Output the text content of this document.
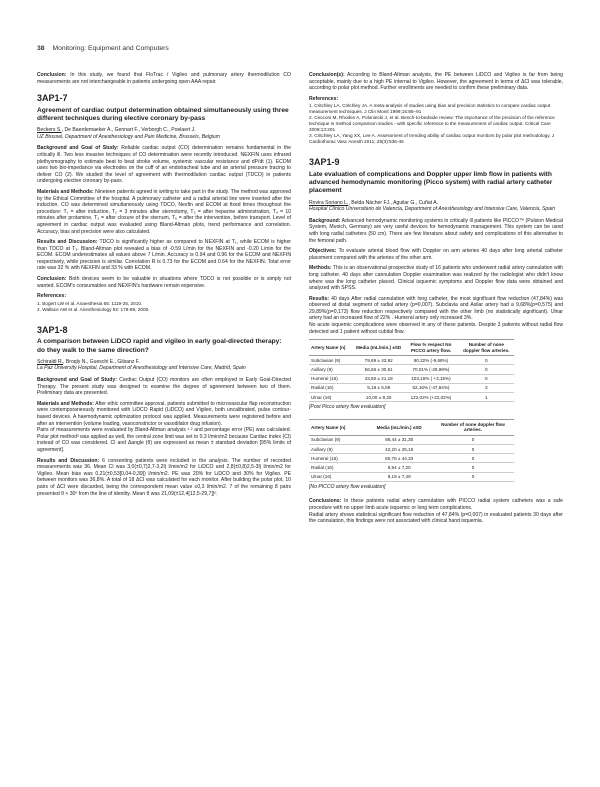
38 Monitoring: Equipment and Computers

Conclusion: In this study, we found that FloTrac / Vigileo and pulmonary artery thermodilution CO measurements are not interchangeable in patients undergoing open AAA repair.

3AP1-7
Agreement of cardiac output determination obtained simultaneously using three different techniques during elective coronary by-pass

Beckers S., De Baerdemaeker A., Gennart F., Verborgh C., Poelaert J.

UZ Brussel, Department of Anesthesiology and Pain Medicine, Brussels, Belgium

Background and Goal of Study: Reliable cardiac output (CO) determination remains fundamental in the critically ill. Two less invasive techniques of CO determination were recently introduced. NEXFIN uses infrared plethysmography to estimate beat to beat stroke volume, systemic vascular resistance and dP/dt (1). ECOM uses two bio-impedance via electrodes on the cuff of an endotracheal tube and an arterial pressure tracing to deliver CO (2). We studied the level of agreement with thermodilution cardiac output (TDCO) in patients undergoing elective coronary by-pass.

Materials and Methods: Nineteen patients agreed in writing to take part in the study. The method was approved by the Ethical Committee of the hospital. A pulmonary catheter and a radial arterial line were inserted after the induction. CO was determined simultaneously using TDCO, Nexfin and ECOM at fixed times throughout the procedure: T₁ = after induction, T₂ = 3 minutes after sternotomy, T₃ = after heparine administration, T₄ = 10 minutes after protamine, T₅ = after closure of the sternum, T₆ = after the intervention, before transport. Level of agreement in cardiac output was evaluated using Bland-Altman plots, trend performance and correlation. Accuracy, bias and precision were also calculated.

Results and Discussion: TDCO is significantly higher as compared to NEXFIN at T₁, while ECOM is higher than TDCO at T₃. Bland-Altman plot revealed a bias of -0.59 L/min for the NEXFIN and -0.20 L/min for the ECOM. ECOM underestimates all values above 7 L/min. Accuracy is 0.94 and 0.96 for the ECOM and NEXFIN respectively, while precision is similar. Correlation R is 0.73 for the ECOM and 0.64 for the NEXFIN. Total error rate was 32 % with NEXFIN and 33 % with ECOM.

Conclusion: Both devices seem to be valuable in situations where TDCO is not possible or is simply not wanted. ECOM's consumables and NEXFIN's hardware remain expensive.

References:

1. Bogert LW et al. Anaesthesia 65: 1119-25, 2010.

2. Wallace AW et al. Anesthesiology 92: 178-89, 2000.

3AP1-8
A comparison between LiDCO rapid and vigileo in early goal-directed therapy: do they walk to the same direction?

Schiraldi R., Broqly N., Gueschi E., Gilsanz F.

La Paz University Hospital, Department of Anesthesiology and Intensive Care, Madrid, Spain

Background and Goal of Study: Cardiac Output (CO) monitors are often employed in Early Goal-Directed Therapy. The present study was designed to examine the degree of agreement between two of them. Preliminary data are presented.

Materials and Methods: After ethic committee approval, patients submitted to microvascular flap reconstruction were contemporaneously monitored with LiDCO Rapid (LiDCO) and Vigileo, both uncalibrated, pulse contour-based devices. A haemodynamic optimization protocol was applied. Measurements were registered before and after an intervention (volume loading, vasoconstrictor or vasodilator drug infusion).

Pairs of measurements were evaluated by Bland-Altman analysis ¹ ² and percentage error (PE) was calculated. Polar plot method³ was applied as well, the central zone limit was set to 0.3 l/min/m2 because Cardiac Index (CI) instead of CO was considered. CI and Δangle (θ) are expressed as mean ± standard deviation [95% limits of agreement].

Results and Discussion: 6 consenting patients were included in the analysis. The number of recorded measurements was 36. Mean CI was 3,0(±0,7)2,7-3,2l) l/min/m2 for LiDCO and 2,8(±0,8)2,5-3l) l/min/m2 for Vigileo. Mean bias was 0,21(±0,53[0,04-0,39]) l/min/m2. PE was 20% for LiDCO and 30% for Vigileo. PE between monitors was 36,8%. A total of 18 ΔCI was calculated for each monitor. After building the polar plot, 10 pairs of ΔCI were discarded, being the correspondent mean value ≤0,3 l/min/m2. 7 of the remaining 8 pairs presented θ < 30º from the line of identity. Mean θ was 21,09(±12,4[12,5-29,7])º.

Conclusion(s): According to Bland-Altman analysis, the PE between LiDCO and Vigileo is far from being acceptable, mainly due to a high PE internal to Vigileo. However, the agreement in terms of ΔCI was tolerable, according to polar plot method. Further enrollments are needed to confirm these preliminary data.

References:

1. Critchley LA, Critchley JA. A meta-analysis of studies using bias and precision statistics to compare cardiac output measurement techniques. J Clin Monit 1999;15:85–91

2. Cecconi M, Rhodes A, Poloniecki J, et al. Bench-to-bedside review: The importance of the precision of the reference technique in method comparison studies - with specific reference to the measurement of cardiac output. Critical Care 2009;13:201

3. Critchley LA, Yang XX, Lee A. Assessment of trending ability of cardiac output monitors by polar plot methodology. J Cardiothorac Vasc Anesth 2011; 25(3):536-46

3AP1-9
Late evaluation of complications and Doppler upper limb flow in patients with advanced hemodynamic monitoring (Picco system) with radial artery catheter placement

Rovira Soriano L., Belda Nácher FJ., Aguilar G., Cuñat A.

Hospital Clínico Universitario de Valencia, Department of Anesthesiology and Intensive Care, Valencia, Spain

Background: Advanced hemodynamic monitoring systems in critically ill patients like PICCO™ (Pulsion Medical System, Munich, Germany) are very useful devices for hemodynamic management. This system can be used with long radial catheters (50 cm). There are few literature about safety and complications of this alternative to the femoral path.

Objectives: To evaluate arterial blood flow with Doppler on arm arteries 40 days after long arterial catheter placement compared with the arteries of the other arm.

Methods: This is an observational prospective study of 16 patients who underwent radial artery cannulation with long catheter. 40 days after cannulation Doppler examination was realized by the radiologist who didn't know where was the long catheter placed. Clinical isquemic symptoms and Doppler flow data were obtained and analyzed with SPSS.

Results: 40 days After radial cannulation with long catheter, the most significant flow reduction (47,84%) was observed at distal segment of radial artery (p=0,007). Subclavia and Axilar artery had a 9,68%(p=0,575) and 29,89%(p=0,173) flow reduction respectively compared with the other limb (no statistically significant). Ulnar artery had an increased flow of 22% . Humeral artery only increased 3%.

No acute isquemic complications were observed in any of these patients. Despite 3 patients without radial flow detected and 1 patient without cubital flow.

Artery Name (n)	Media (mL/min.) ±SD	Flow % respect No PICCO artery flow.	Number of none doppler flow arteries.
Subclavian (9)	79,69 ± 43,92	90,32% (-9,68%)	0
Axillary (9)	56,56 ± 30,61	70,01% (-29,99%)	0
Humeral (16)	43,50 ± 21,18	103,15% ( +3,15%)	0
Radial (16)	5,18 ± 6,08	52,16% (-47,84%)	3
Ulnar (16)	10,00 ± 9,20	122,02% (+22,02%)	1

[Post Picco artery flow evaluation]

Artery Name (n)	Media (mL/min.) ±SD	Number of none doppler flow arteries.
Subclavian (9)	88,44 ± 31,30	0
Axillary (9)	42,20 ± 25,16	0
Humeral (16)	60,78 ± 44,33	0
Radial (16)	9,94 ± 7,20	0
Ulnar (16)	8,19 ± 7,49	0

[No PICCO artery flow evaluation]

Conclusions: In these patients radial artery cannulation with PICCO radial system catheters was a safe procedure with no upper limb acute isquemic or long term complications.

Radial artery shows statistical significant flow reduction of 47,84% (p=0,007) in evaluated patients 30 days after the cannulation, this findings were not associated with clinical hand isquemia.
